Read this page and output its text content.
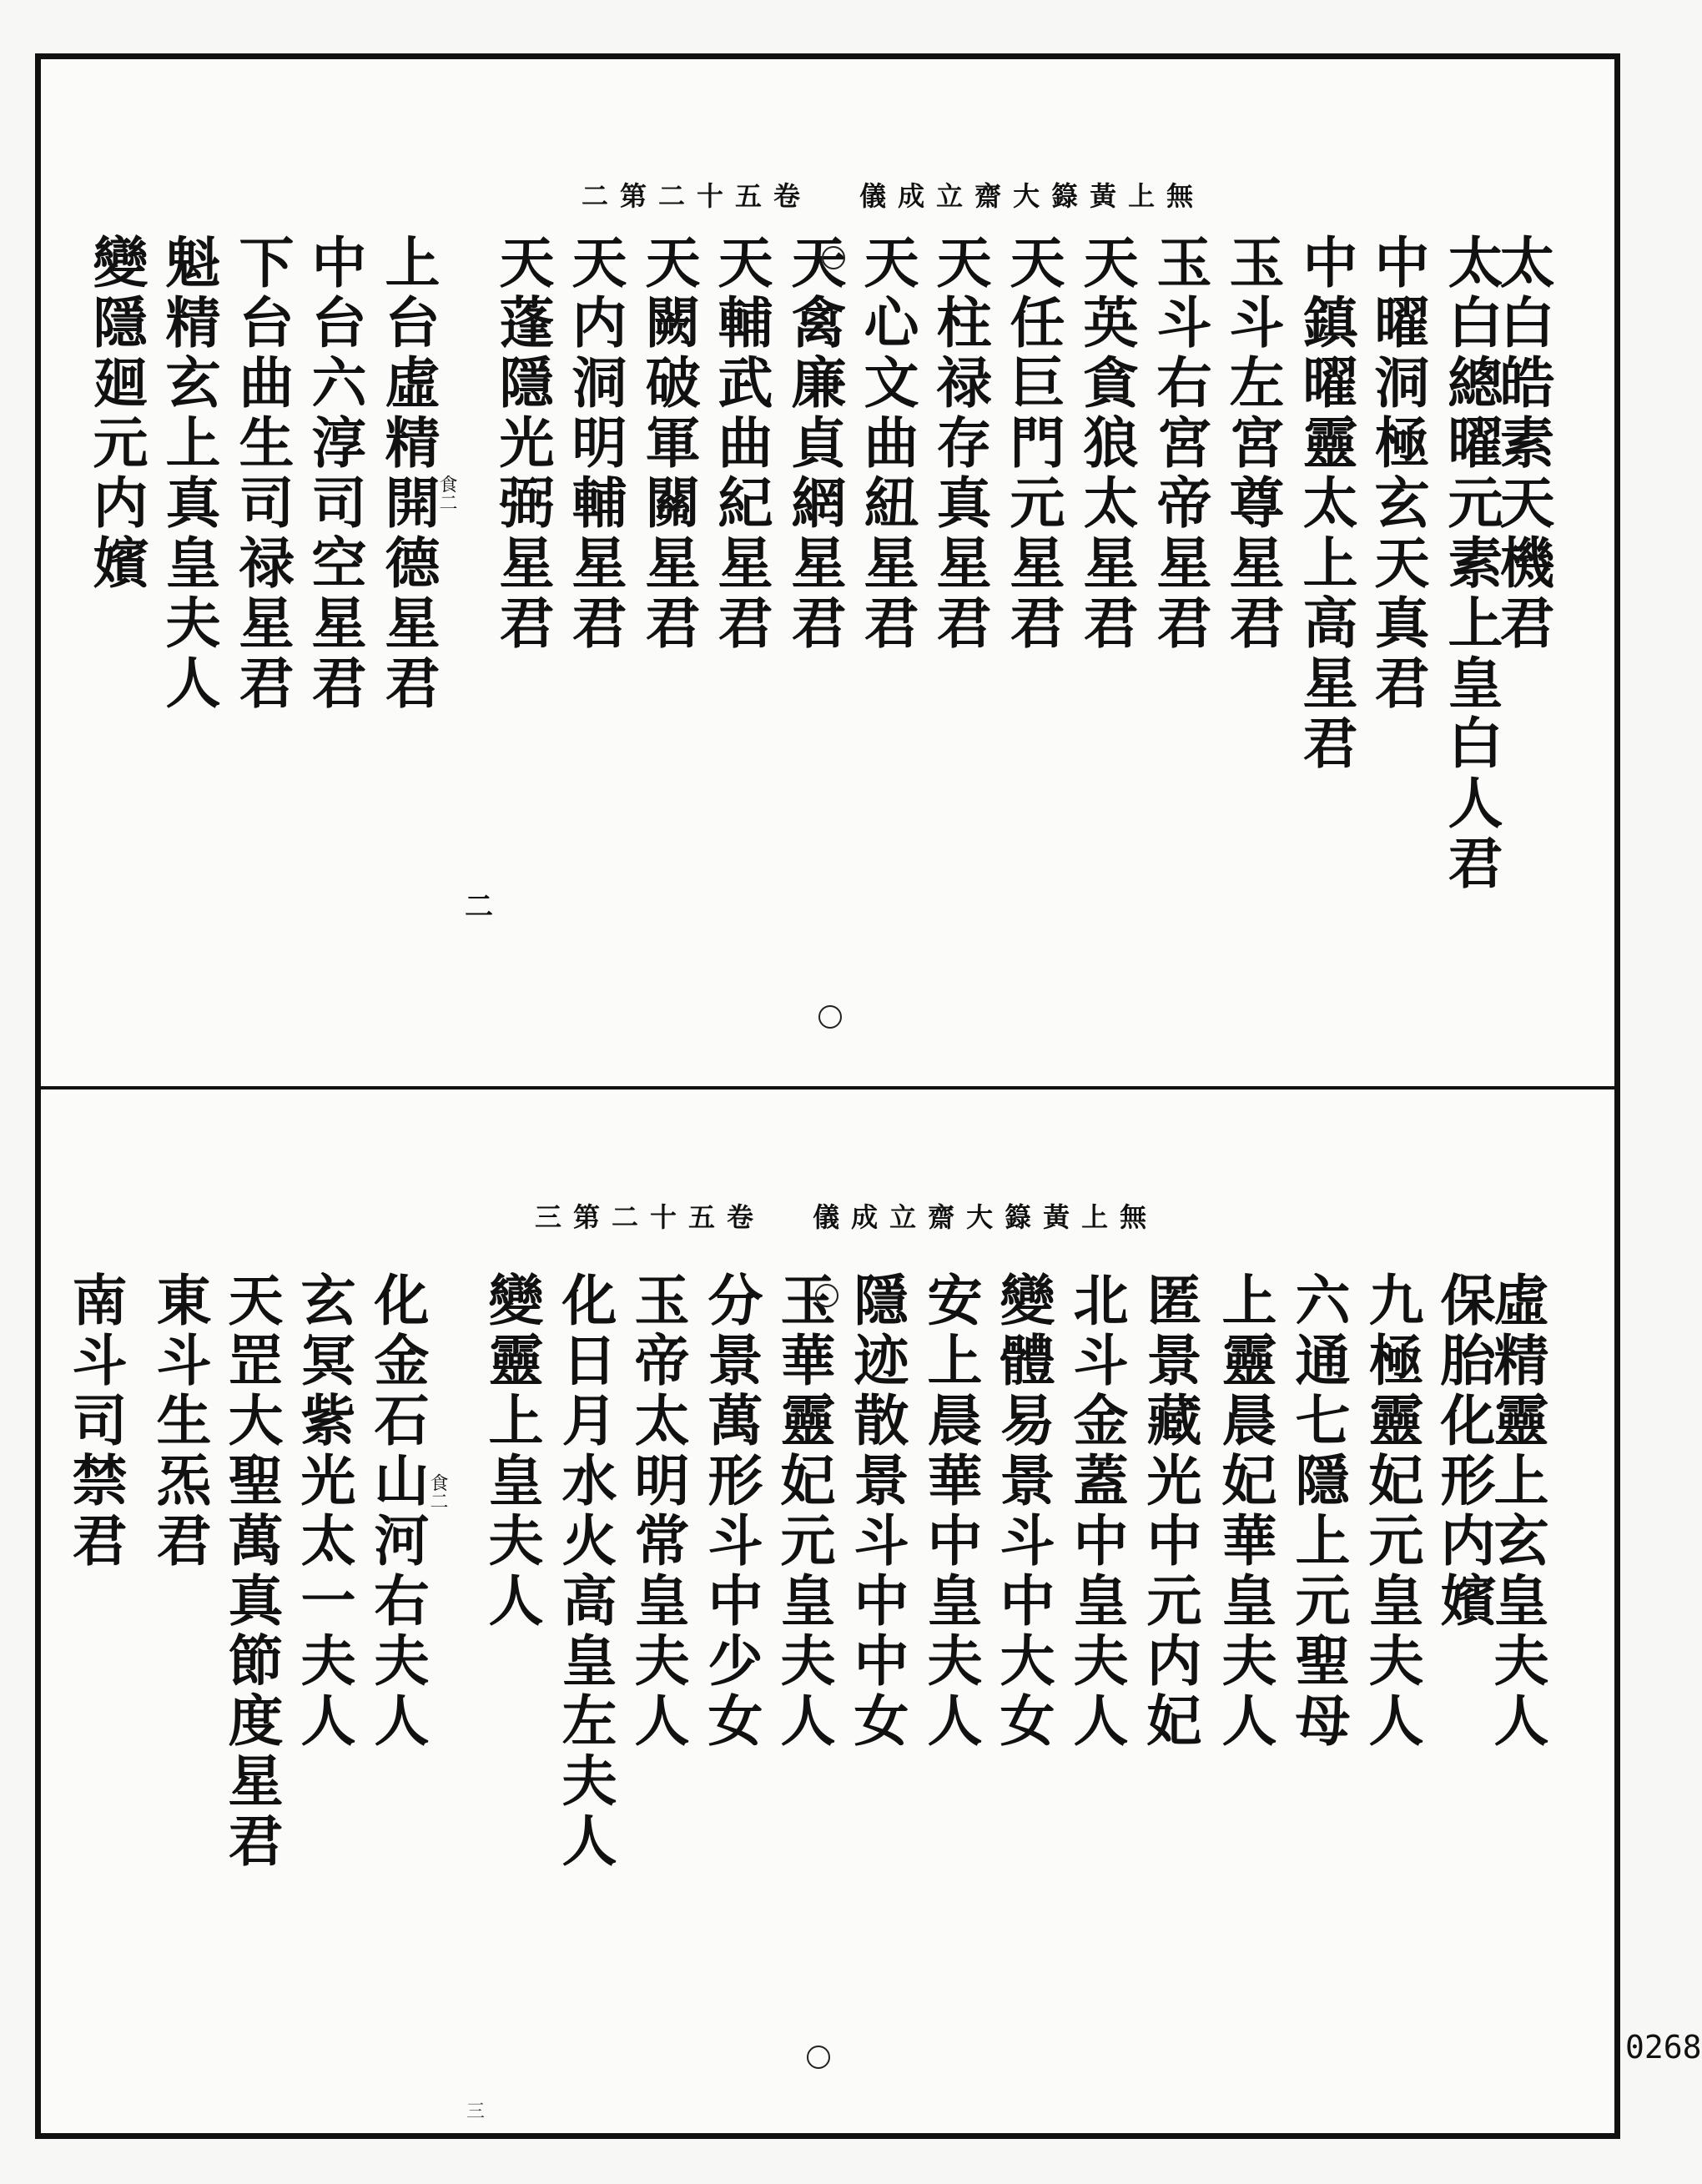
無上黃籙大齋立成儀 卷五十二第二
太白皓素天機君
太白總曜元素上皇白人君
中曜洞極玄天真君
中鎮曜靈太上高星君
玉斗左宮尊星君
玉斗右宮帝星君
天英貪狼太星君
天任巨門元星君
天柱禄存真星君
天心文曲紐星君
天禽廉貞網星君
天輔武曲紀星君
天闕破軍關星君
天内洞明輔星君
天蓬隱光弼星君
上台虛精開德星君
中台六淳司空星君
下台曲生司禄星君
魁精玄上真皇夫人
變隱廻元内嬪	食二
二
無上黃籙大齋立成儀 卷五十二第三
虛精靈上玄皇夫人
保胎化形内嬪
九極靈妃元皇夫人
六通七隱上元聖母
上靈晨妃華皇夫人
匿景藏光中元内妃
北斗金蓋中皇夫人
變體易景斗中大女
安上晨華中皇夫人
隱迹散景斗中中女
玉華靈妃元皇夫人
分景萬形斗中少女
玉帝太明常皇夫人
化日月水火高皇左夫人
變靈上皇夫人
化金石山河右夫人
玄冥紫光太一夫人
天罡大聖萬真節度星君
東斗生炁君
南斗司禁君	食二
三
0268
